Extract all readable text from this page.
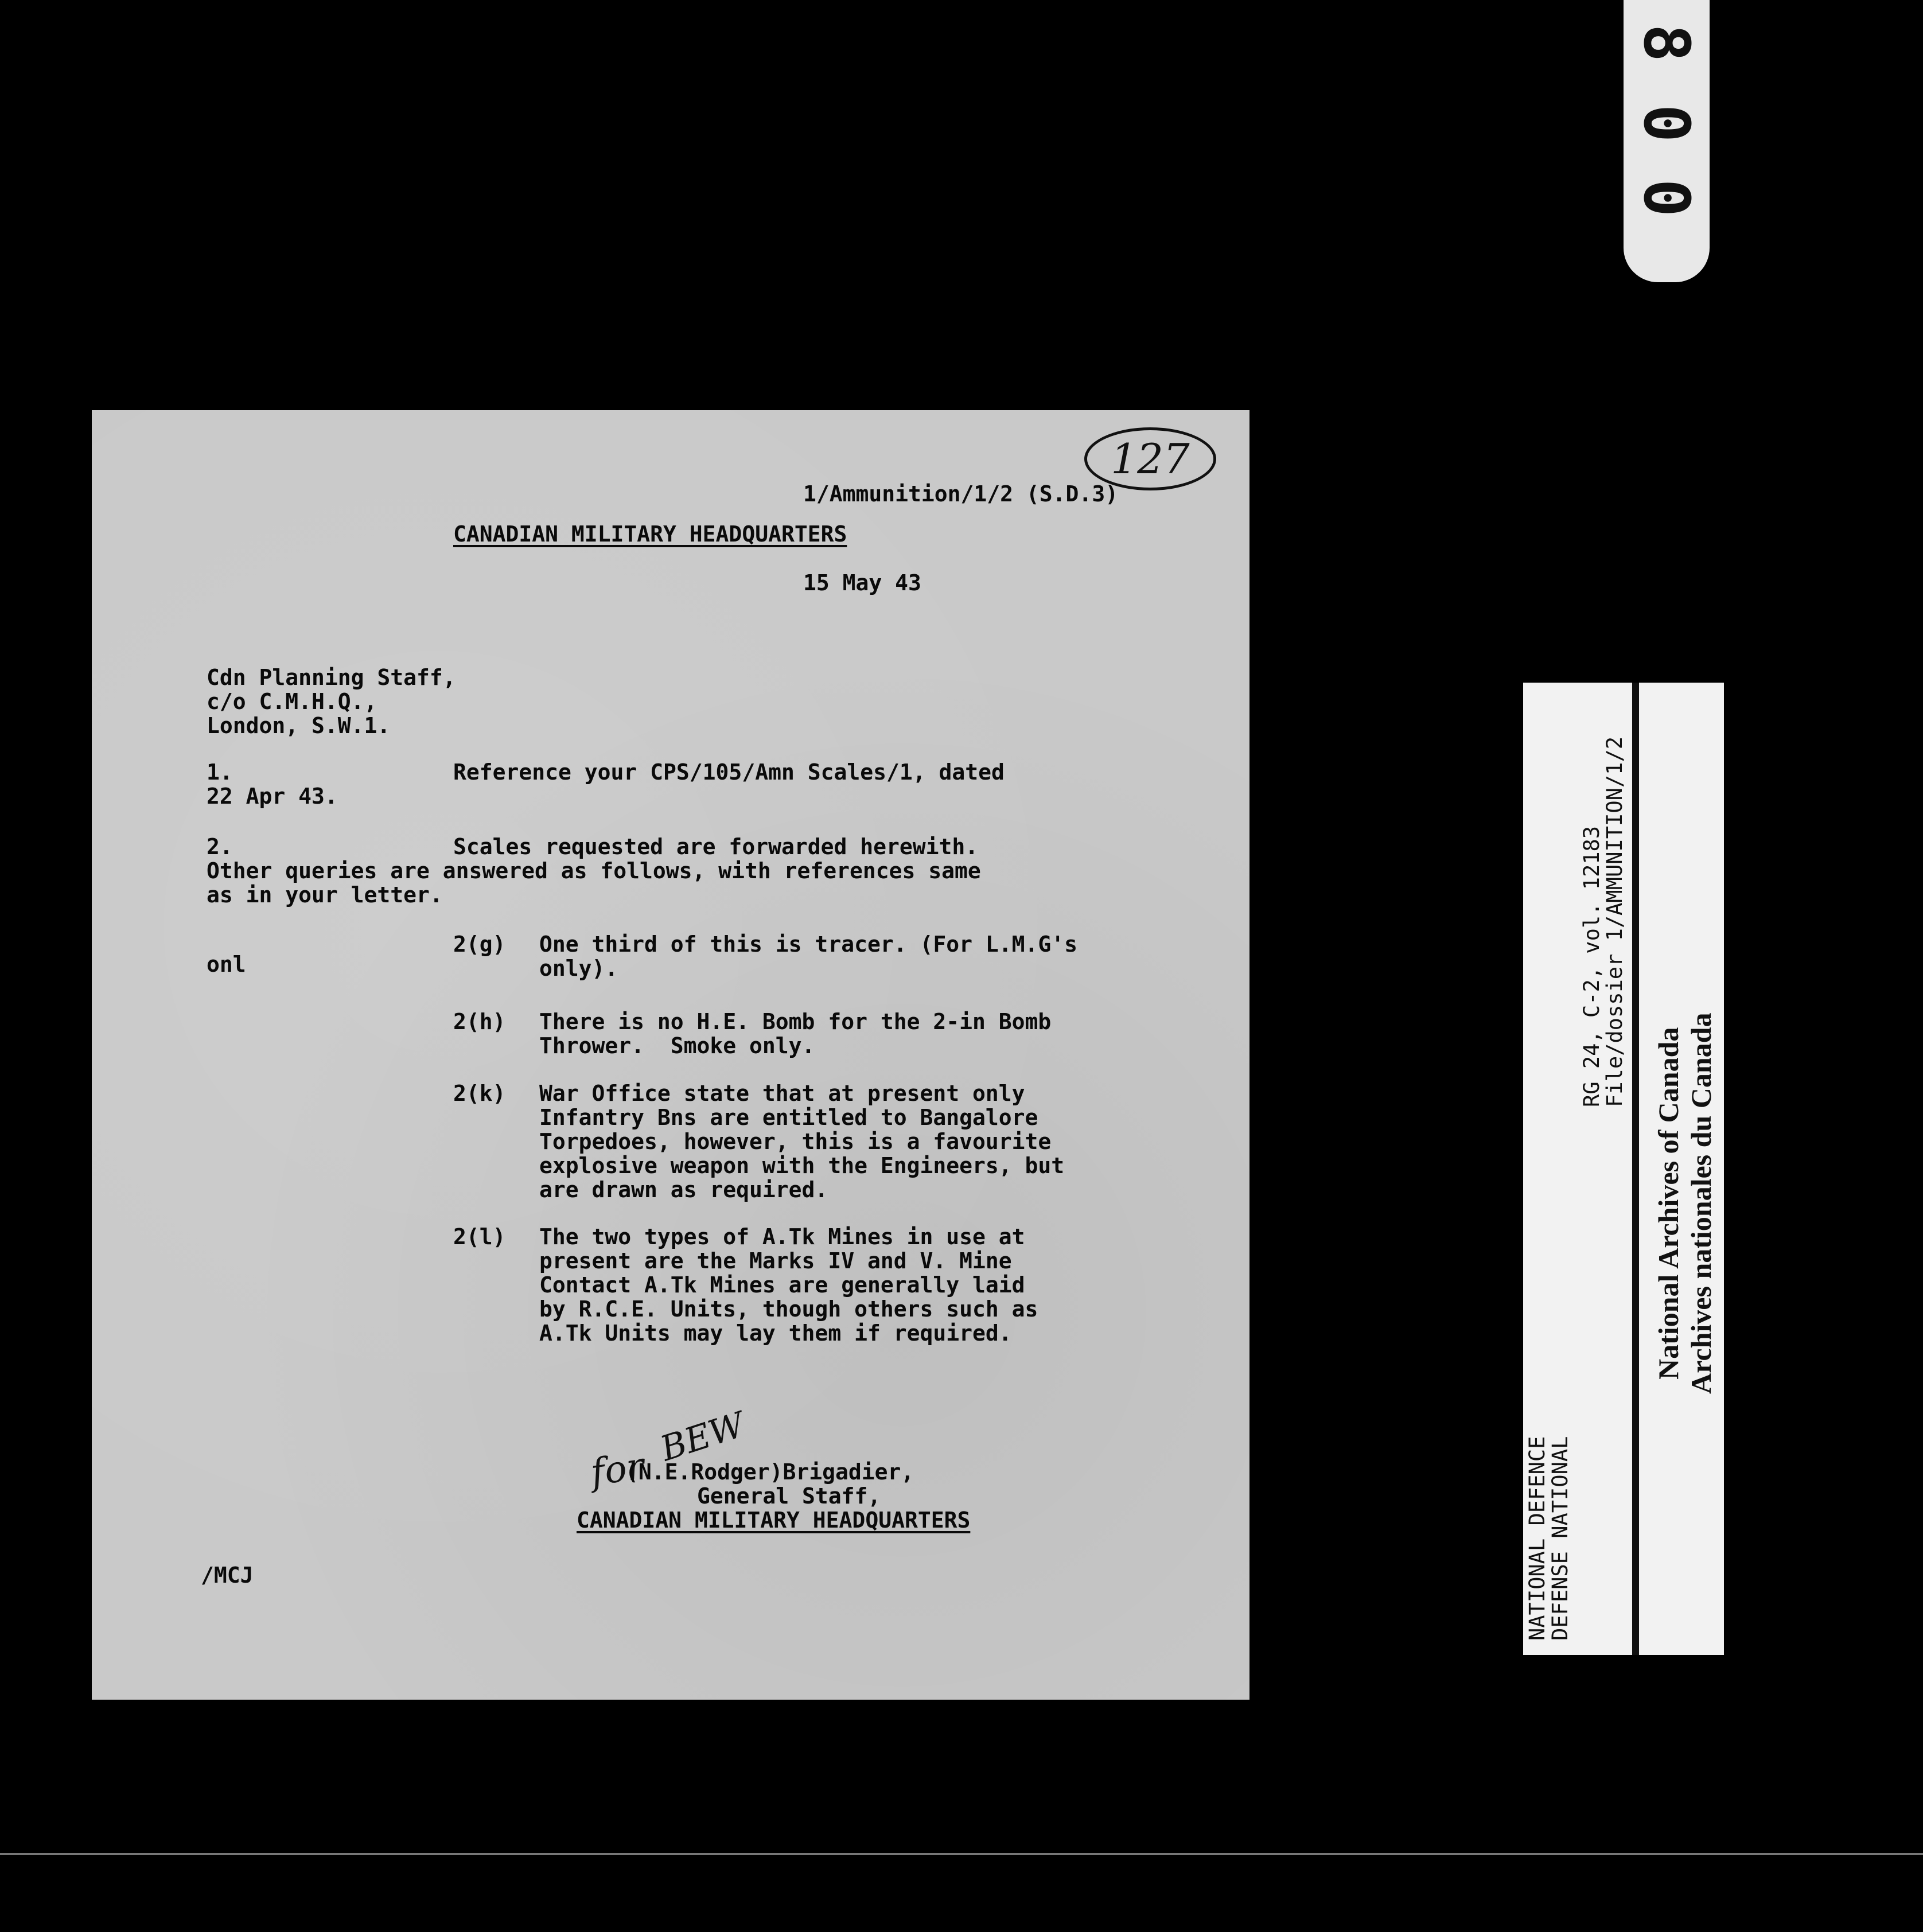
8
0
0
127
1/Ammunition/1/2 (S.D.3)
CANADIAN MILITARY HEADQUARTERS
15 May 43
Cdn Planning Staff,
c/o C.M.H.Q.,
London, S.W.1.
1.	Reference your CPS/105/Amn Scales/1, dated
22 Apr 43.
2.	Scales requested are forwarded herewith.
Other queries are answered as follows, with references same
as in your letter.
onl
2(g) One third of this is tracer. (For L.M.G's
only).
2(h) There is no H.E. Bomb for the 2-in Bomb
Thrower.  Smoke only.
2(k) War Office state that at present only
Infantry Bns are entitled to Bangalore
Torpedoes, however, this is a favourite
explosive weapon with the Engineers, but
are drawn as required.
2(l) The two types of A.Tk Mines in use at
present are the Marks IV and V. Mine
Contact A.Tk Mines are generally laid
by R.C.E. Units, though others such as
A.Tk Units may lay them if required.
for
BEW
(N.E.Rodger)Brigadier,
General Staff,
CANADIAN MILITARY HEADQUARTERS
/MCJ	NATIONAL DEFENCE
DEFENSE NATIONAL
RG 24, C-2, vol. 12183
File/dossier 1/AMMUNITION/1/2
National Archives of Canada Archives nationales du Canada
